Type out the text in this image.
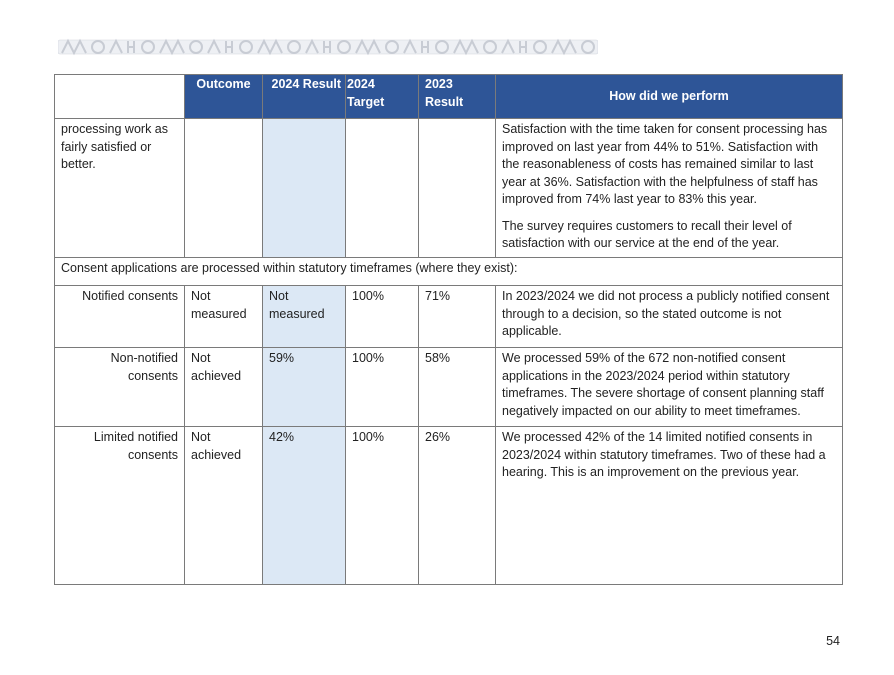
	Outcome	2024 Result	2024 Target	2023 Result	How did we perform
processing work as fairly satisfied or better.					Satisfaction with the time taken for consent processing has improved on last year from 44% to 51%. Satisfaction with the reasonableness of costs has remained similar to last year at 36%. Satisfaction with the helpfulness of staff has improved from 74% last year to 83% this year.

The survey requires customers to recall their level of satisfaction with our service at the end of the year.

Consent applications are processed within statutory timeframes (where they exist):					
Notified consents	Not measured	Not measured	100%	71%	In 2023/2024 we did not process a publicly notified consent through to a decision, so the stated outcome is not applicable.

Non-notified consents	Not achieved	59%	100%	58%	We processed 59% of the 672 non-notified consent applications in the 2023/2024 period within statutory timeframes. The severe shortage of consent planning staff negatively impacted on our ability to meet timeframes.

Limited notified consents	Not achieved	42%	100%	26%	We processed 42% of the 14 limited notified consents in 2023/2024 within statutory timeframes. Two of these had a hearing. This is an improvement on the previous year.

54
